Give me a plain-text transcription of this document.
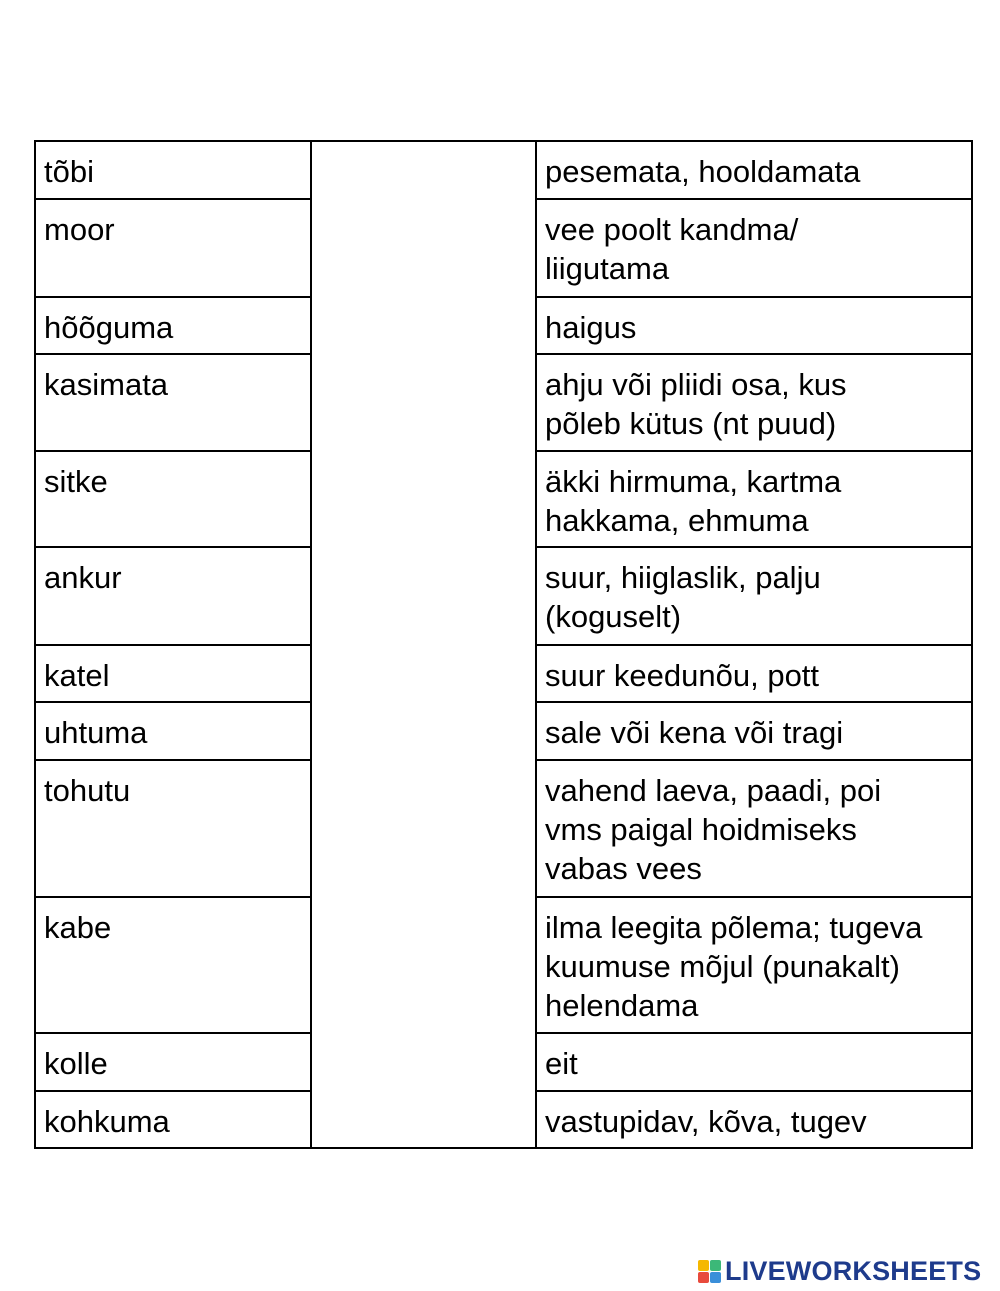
tõbi	pesemata, hooldamata
moor	vee poolt kandma/
liigutama
hõõguma	haigus
kasimata	ahju või pliidi osa, kus
põleb kütus (nt puud)
sitke	äkki hirmuma, kartma
hakkama, ehmuma
ankur	suur, hiiglaslik, palju
(koguselt)
katel	suur keedunõu, pott
uhtuma	sale või kena või tragi
tohutu	vahend laeva, paadi, poi
vms paigal hoidmiseks
vabas vees
kabe	ilma leegita põlema; tugeva
kuumuse mõjul (punakalt)
helendama
kolle	eit
kohkuma	vastupidav, kõva, tugev
LIVEWORKSHEETS
